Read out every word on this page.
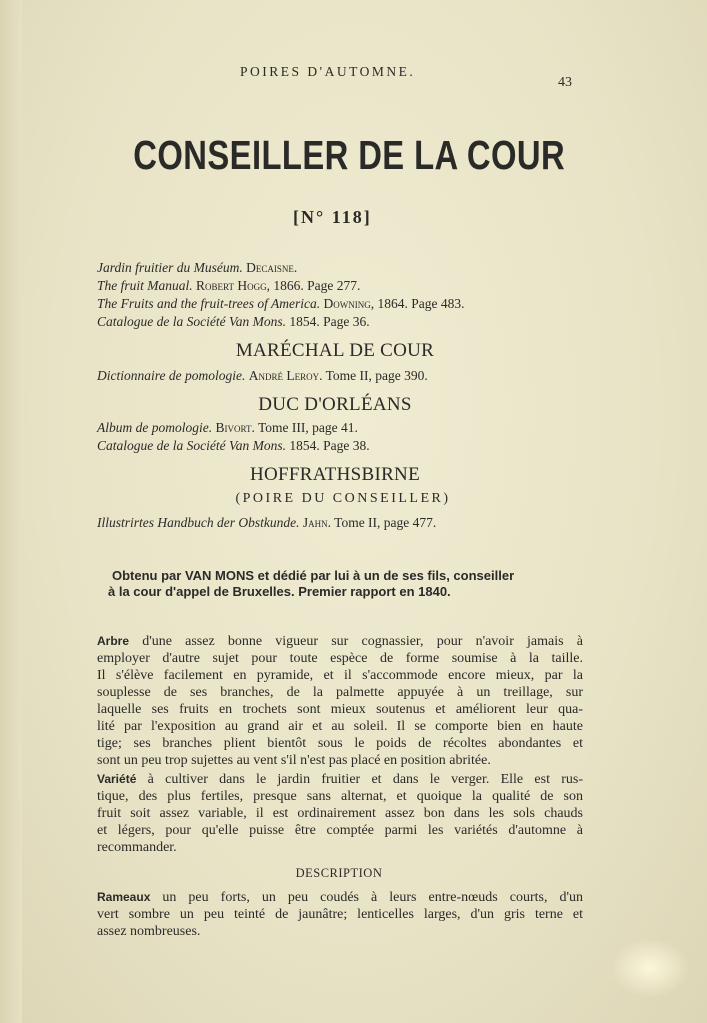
POIRES D'AUTOMNE.
43
CONSEILLER DE LA COUR
[N° 118]
Jardin fruitier du Muséum. Decaisne.
The fruit Manual. Robert Hogg, 1866. Page 277.
The Fruits and the fruit-trees of America. Downing, 1864. Page 483.
Catalogue de la Société Van Mons. 1854. Page 36.
MARÉCHAL DE COUR
Dictionnaire de pomologie. André Leroy. Tome II, page 390.
DUC D'ORLÉANS
Album de pomologie. Bivort. Tome III, page 41.
Catalogue de la Société Van Mons. 1854. Page 38.
HOFFRATHSBIRNE
(POIRE DU CONSEILLER)
Illustrirtes Handbuch der Obstkunde. Jahn. Tome II, page 477.
Obtenu par VAN MONS et dédié par lui à un de ses fils, conseiller
à la cour d'appel de Bruxelles. Premier rapport en 1840.
Arbre d'une assez bonne vigueur sur cognassier, pour n'avoir jamais à
employer d'autre sujet pour toute espèce de forme soumise à la taille.
Il s'élève facilement en pyramide, et il s'accommode encore mieux, par la
souplesse de ses branches, de la palmette appuyée à un treillage, sur
laquelle ses fruits en trochets sont mieux soutenus et améliorent leur qua-
lité par l'exposition au grand air et au soleil. Il se comporte bien en haute
tige; ses branches plient bientôt sous le poids de récoltes abondantes et
sont un peu trop sujettes au vent s'il n'est pas placé en position abritée.
Variété à cultiver dans le jardin fruitier et dans le verger. Elle est rus-
tique, des plus fertiles, presque sans alternat, et quoique la qualité de son
fruit soit assez variable, il est ordinairement assez bon dans les sols chauds
et légers, pour qu'elle puisse être comptée parmi les variétés d'automne à
recommander.
DESCRIPTION
Rameaux un peu forts, un peu coudés à leurs entre-nœuds courts, d'un
vert sombre un peu teinté de jaunâtre; lenticelles larges, d'un gris terne et
assez nombreuses.
